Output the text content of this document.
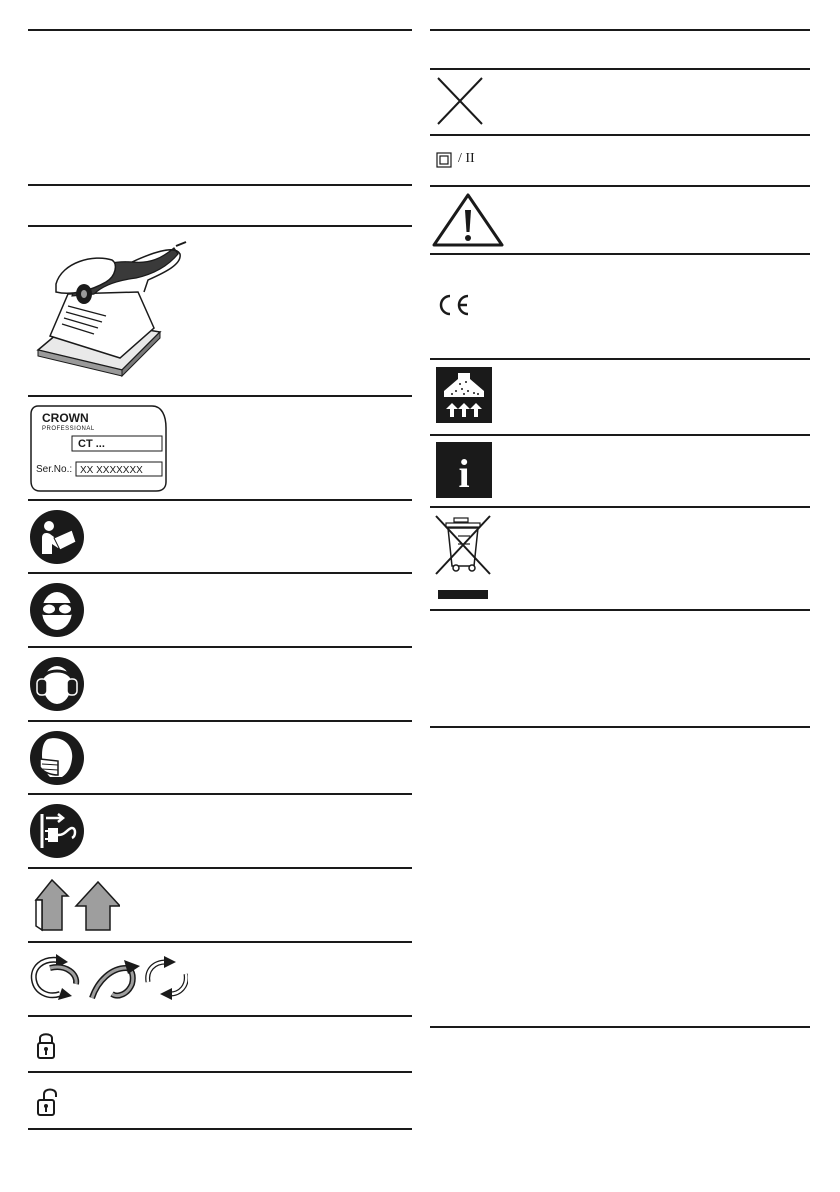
CROWN
PROFESSIONAL
CT ...
Ser.No.: XX XXXXXXX
/ II
i
